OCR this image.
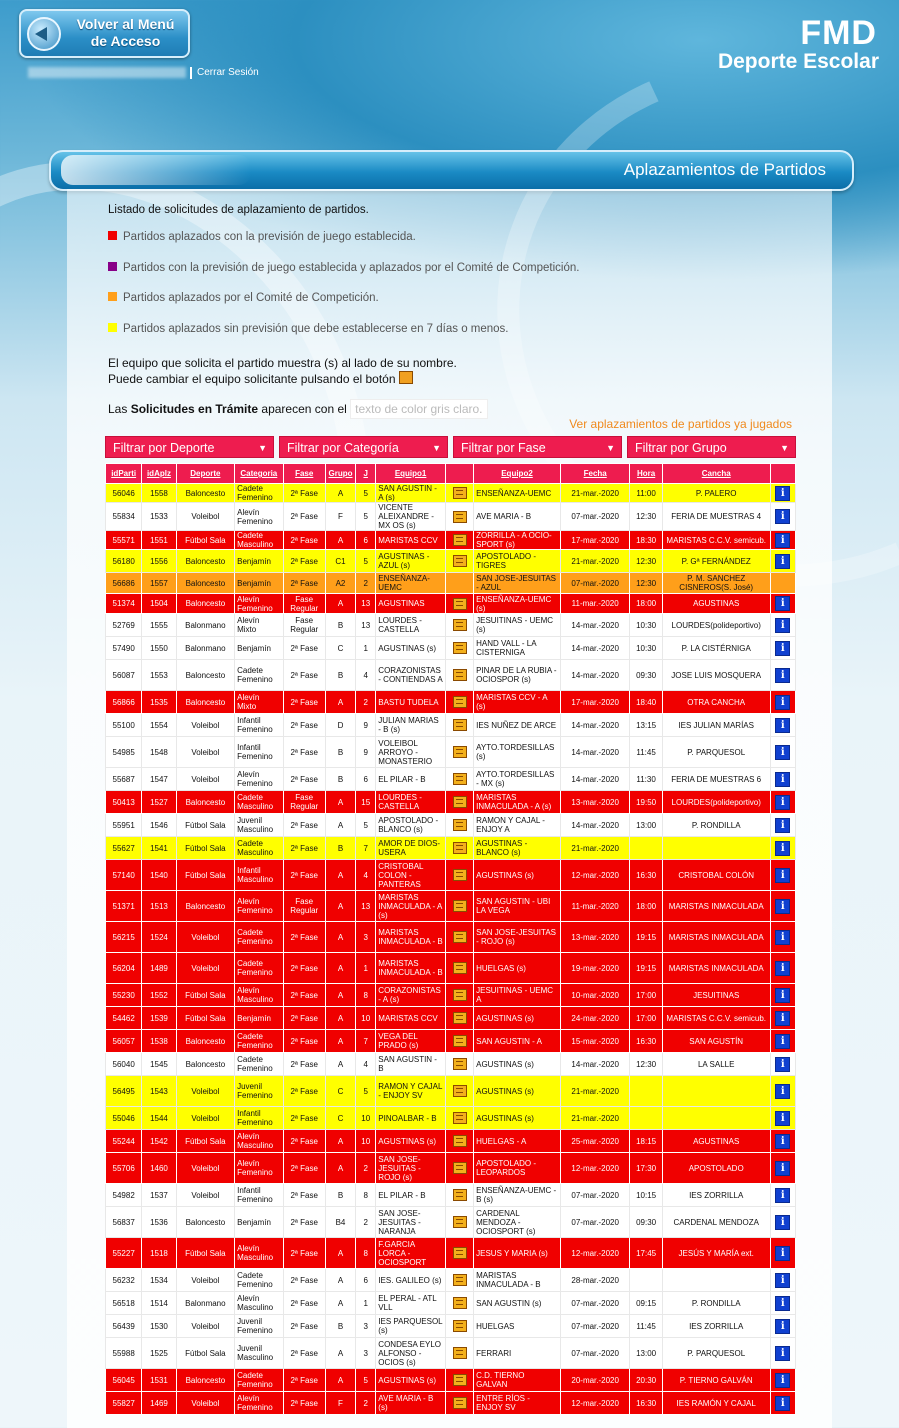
Volver al Menú
de Acceso
Cerrar Sesión
FMD
Deporte Escolar
Aplazamientos de Partidos
Listado de solicitudes de aplazamiento de partidos.
Partidos aplazados con la previsión de juego establecida.
Partidos con la previsión de juego establecida y aplazados por el Comité de Competición.
Partidos aplazados por el Comité de Competición.
Partidos aplazados sin previsión que debe establecerse en 7 días o menos.
El equipo que solicita el partido muestra (s) al lado de su nombre.
Puede cambiar el equipo solicitante pulsando el botón
Las Solicitudes en Trámite aparecen con el texto de color gris claro.
Ver aplazamientos de partidos ya jugados
Filtrar por Deporte	▼	Filtrar por Categoría	▼	Filtrar por Fase	▼	Filtrar por Grupo	▼
idParti	idAplz	Deporte	Categoria	Fase	Grupo	J	Equipo1		Equipo2	Fecha	Hora	Cancha	
56046	1558	Baloncesto	Cadete Femenino	2ª Fase	A	5	SAN AGUSTIN - A (s)		ENSEÑANZA-UEMC	21-mar.-2020	11:00	P. PALERO	i
55834	1533	Voleibol	Alevín Femenino	2ª Fase	F	5	VICENTE ALEIXANDRE - MX OS (s)		AVE MARIA - B	07-mar.-2020	12:30	FERIA DE MUESTRAS 4	i
55571	1551	Fútbol Sala	Cadete Masculino	2ª Fase	A	6	MARISTAS CCV		ZORRILLA - A OCIO-SPORT (s)	17-mar.-2020	18:30	MARISTAS C.C.V. semicub.	i
56180	1556	Baloncesto	Benjamín	2ª Fase	C1	5	AGUSTINAS - AZUL (s)		APOSTOLADO - TIGRES	21-mar.-2020	12:30	P. Gª FERNÁNDEZ	i
56686	1557	Baloncesto	Benjamín	2ª Fase	A2	2	ENSEÑANZA-UEMC		SAN JOSE-JESUITAS - AZUL	07-mar.-2020	12:30	P. M. SANCHEZ CISNEROS(S. José)	
51374	1504	Baloncesto	Alevín Femenino	Fase Regular	A	13	AGUSTINAS		ENSEÑANZA-UEMC (s)	11-mar.-2020	18:00	AGUSTINAS	i
52769	1555	Balonmano	Alevín Mixto	Fase Regular	B	13	LOURDES - CASTELLA		JESUITINAS - UEMC (s)	14-mar.-2020	10:30	LOURDES(polideportivo)	i
57490	1550	Balonmano	Benjamín	2ª Fase	C	1	AGUSTINAS (s)		HAND VALL - LA CISTERNIGA	14-mar.-2020	10:30	P. LA CISTÉRNIGA	i
56087	1553	Baloncesto	Cadete Femenino	2ª Fase	B	4	CORAZONISTAS - CONTIENDAS A		PINAR DE LA RUBIA - OCIOSPOR (s)	14-mar.-2020	09:30	JOSE LUIS MOSQUERA	i
56866	1535	Baloncesto	Alevín Mixto	2ª Fase	A	2	BASTU TUDELA		MARISTAS CCV - A (s)	17-mar.-2020	18:40	OTRA CANCHA	i
55100	1554	Voleibol	Infantil Femenino	2ª Fase	D	9	JULIAN MARIAS - B (s)		IES NUÑEZ DE ARCE	14-mar.-2020	13:15	IES JULIAN MARÍAS	i
54985	1548	Voleibol	Infantil Femenino	2ª Fase	B	9	VOLEIBOL ARROYO - MONASTERIO		AYTO.TORDESILLAS (s)	14-mar.-2020	11:45	P. PARQUESOL	i
55687	1547	Voleibol	Alevín Femenino	2ª Fase	B	6	EL PILAR - B		AYTO.TORDESILLAS - MX (s)	14-mar.-2020	11:30	FERIA DE MUESTRAS 6	i
50413	1527	Baloncesto	Cadete Masculino	Fase Regular	A	15	LOURDES - CASTELLA		MARISTAS INMACULADA - A (s)	13-mar.-2020	19:50	LOURDES(polideportivo)	i
55951	1546	Fútbol Sala	Juvenil Masculino	2ª Fase	A	5	APOSTOLADO - BLANCO (s)		RAMON Y CAJAL - ENJOY A	14-mar.-2020	13:00	P. RONDILLA	i
55627	1541	Fútbol Sala	Cadete Masculino	2ª Fase	B	7	AMOR DE DIOS-USERA		AGUSTINAS - BLANCO (s)	21-mar.-2020			i
57140	1540	Fútbol Sala	Infantil Masculino	2ª Fase	A	4	CRISTOBAL COLON - PANTERAS		AGUSTINAS (s)	12-mar.-2020	16:30	CRISTOBAL COLÓN	i
51371	1513	Baloncesto	Alevín Femenino	Fase Regular	A	13	MARISTAS INMACULADA - A (s)		SAN AGUSTIN - UBI LA VEGA	11-mar.-2020	18:00	MARISTAS INMACULADA	i
56215	1524	Voleibol	Cadete Femenino	2ª Fase	A	3	MARISTAS INMACULADA - B		SAN JOSE-JESUITAS - ROJO (s)	13-mar.-2020	19:15	MARISTAS INMACULADA	i
56204	1489	Voleibol	Cadete Femenino	2ª Fase	A	1	MARISTAS INMACULADA - B		HUELGAS (s)	19-mar.-2020	19:15	MARISTAS INMACULADA	i
55230	1552	Fútbol Sala	Alevín Masculino	2ª Fase	A	8	CORAZONISTAS - A (s)		JESUITINAS - UEMC A	10-mar.-2020	17:00	JESUITINAS	i
54462	1539	Fútbol Sala	Benjamín	2ª Fase	A	10	MARISTAS CCV		AGUSTINAS (s)	24-mar.-2020	17:00	MARISTAS C.C.V. semicub.	i
56057	1538	Baloncesto	Cadete Femenino	2ª Fase	A	7	VEGA DEL PRADO (s)		SAN AGUSTIN - A	15-mar.-2020	16:30	SAN AGUSTÍN	i
56040	1545	Baloncesto	Cadete Femenino	2ª Fase	A	4	SAN AGUSTIN - B		AGUSTINAS (s)	14-mar.-2020	12:30	LA SALLE	i
56495	1543	Voleibol	Juvenil Femenino	2ª Fase	C	5	RAMON Y CAJAL - ENJOY SV		AGUSTINAS (s)	21-mar.-2020			i
55046	1544	Voleibol	Infantil Femenino	2ª Fase	C	10	PINOALBAR - B		AGUSTINAS (s)	21-mar.-2020			i
55244	1542	Fútbol Sala	Alevín Masculino	2ª Fase	A	10	AGUSTINAS (s)		HUELGAS - A	25-mar.-2020	18:15	AGUSTINAS	i
55706	1460	Voleibol	Alevín Femenino	2ª Fase	A	2	SAN JOSE-JESUITAS - ROJO (s)		APOSTOLADO - LEOPARDOS	12-mar.-2020	17:30	APOSTOLADO	i
54982	1537	Voleibol	Infantil Femenino	2ª Fase	B	8	EL PILAR - B		ENSEÑANZA-UEMC - B (s)	07-mar.-2020	10:15	IES ZORRILLA	i
56837	1536	Baloncesto	Benjamín	2ª Fase	B4	2	SAN JOSE-JESUITAS - NARANJA		CARDENAL MENDOZA - OCIOSPORT (s)	07-mar.-2020	09:30	CARDENAL MENDOZA	i
55227	1518	Fútbol Sala	Alevín Masculino	2ª Fase	A	8	F.GARCIA LORCA - OCIOSPORT		JESUS Y MARIA (s)	12-mar.-2020	17:45	JESÚS Y MARÍA ext.	i
56232	1534	Voleibol	Cadete Femenino	2ª Fase	A	6	IES. GALILEO (s)		MARISTAS INMACULADA - B	28-mar.-2020			i
56518	1514	Balonmano	Alevín Masculino	2ª Fase	A	1	EL PERAL - ATL VLL		SAN AGUSTIN (s)	07-mar.-2020	09:15	P. RONDILLA	i
56439	1530	Voleibol	Juvenil Femenino	2ª Fase	B	3	IES PARQUESOL (s)		HUELGAS	07-mar.-2020	11:45	IES ZORRILLA	i
55988	1525	Fútbol Sala	Juvenil Masculino	2ª Fase	A	3	CONDESA EYLO ALFONSO - OCIOS (s)		FERRARI	07-mar.-2020	13:00	P. PARQUESOL	i
56045	1531	Baloncesto	Cadete Femenino	2ª Fase	A	5	AGUSTINAS (s)		C.D. TIERNO GALVAN	20-mar.-2020	20:30	P. TIERNO GALVÁN	i
55827	1469	Voleibol	Alevín Femenino	2ª Fase	F	2	AVE MARIA - B (s)		ENTRE RÍOS - ENJOY SV	12-mar.-2020	16:30	IES RAMÓN Y CAJAL	i
